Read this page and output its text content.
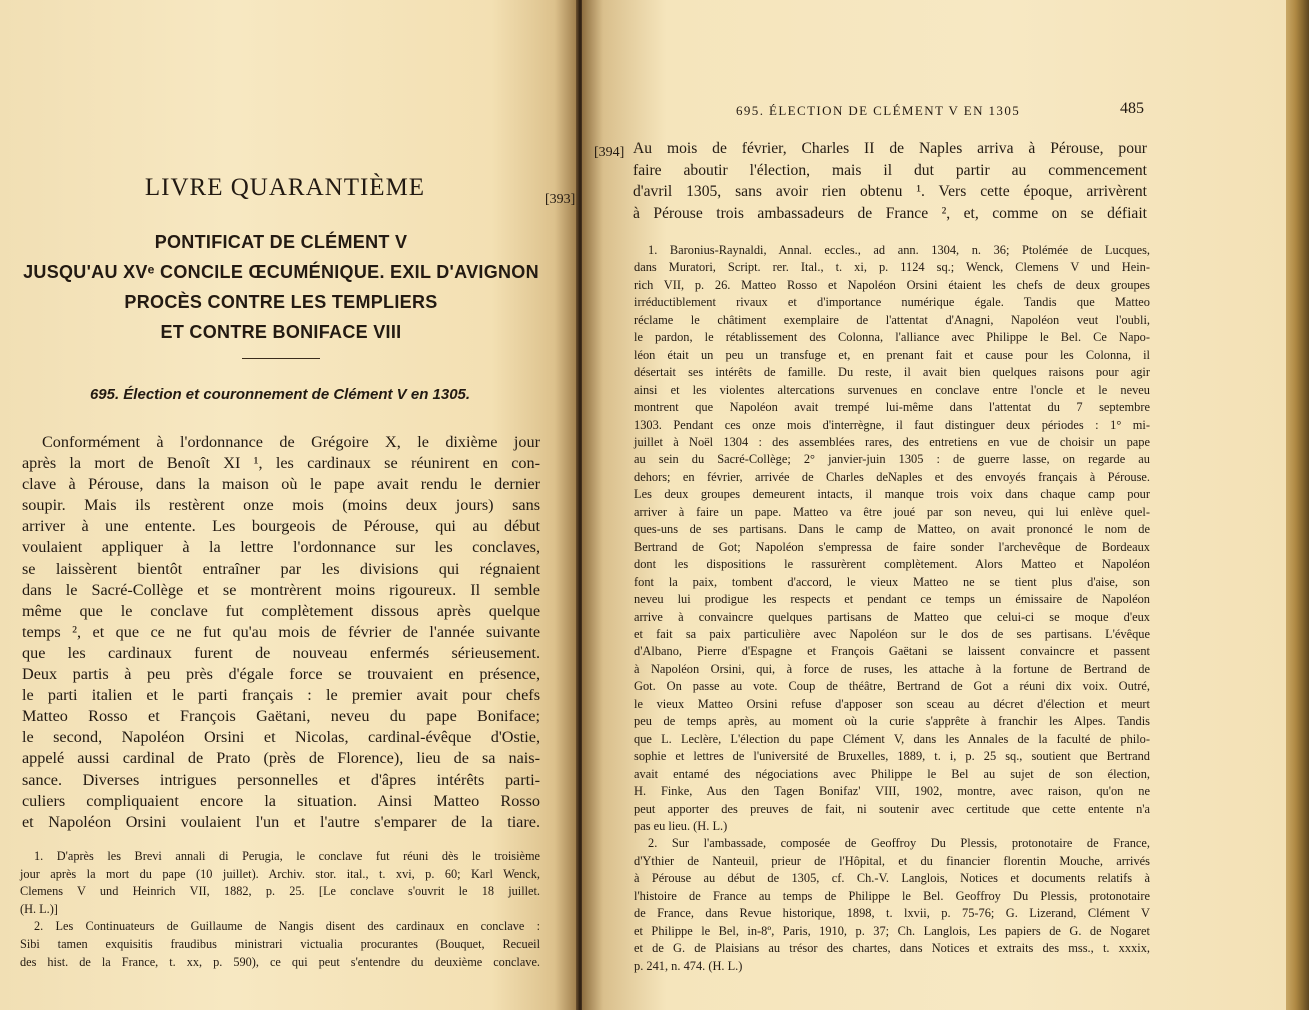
LIVRE QUARANTIÈME	[393]
PONTIFICAT DE CLÉMENT V
JUSQU'AU XVᵉ CONCILE ŒCUMÉNIQUE. EXIL D'AVIGNON
PROCÈS CONTRE LES TEMPLIERS
ET CONTRE BONIFACE VIII
695. Élection et couronnement de Clément V en 1305.
Conformément à l'ordonnance de Grégoire X, le dixième jour
après la mort de Benoît XI ¹, les cardinaux se réunirent en con-
clave à Pérouse, dans la maison où le pape avait rendu le dernier
soupir. Mais ils restèrent onze mois (moins deux jours) sans
arriver à une entente. Les bourgeois de Pérouse, qui au début
voulaient appliquer à la lettre l'ordonnance sur les conclaves,
se laissèrent bientôt entraîner par les divisions qui régnaient
dans le Sacré-Collège et se montrèrent moins rigoureux. Il semble
même que le conclave fut complètement dissous après quelque
temps ², et que ce ne fut qu'au mois de février de l'année suivante
que les cardinaux furent de nouveau enfermés sérieusement.
Deux partis à peu près d'égale force se trouvaient en présence,
le parti italien et le parti français : le premier avait pour chefs
Matteo Rosso et François Gaëtani, neveu du pape Boniface;
le second, Napoléon Orsini et Nicolas, cardinal-évêque d'Ostie,
appelé aussi cardinal de Prato (près de Florence), lieu de sa nais-
sance. Diverses intrigues personnelles et d'âpres intérêts parti-
culiers compliquaient encore la situation. Ainsi Matteo Rosso
et Napoléon Orsini voulaient l'un et l'autre s'emparer de la tiare.
1. D'après les Brevi annali di Perugia, le conclave fut réuni dès le troisième
jour après la mort du pape (10 juillet). Archiv. stor. ital., t. xvi, p. 60; Karl Wenck,
Clemens V und Heinrich VII, 1882, p. 25. [Le conclave s'ouvrit le 18 juillet.
(H. L.)]
2. Les Continuateurs de Guillaume de Nangis disent des cardinaux en conclave :
Sibi tamen exquisitis fraudibus ministrari victualia procurantes (Bouquet, Recueil
des hist. de la France, t. xx, p. 590), ce qui peut s'entendre du deuxième conclave.
695. ÉLECTION DE CLÉMENT V EN 1305	485
[394] Au mois de février, Charles II de Naples arriva à Pérouse, pour
faire aboutir l'élection, mais il dut partir au commencement
d'avril 1305, sans avoir rien obtenu ¹. Vers cette époque, arrivèrent
à Pérouse trois ambassadeurs de France ², et, comme on se défiait
1. Baronius-Raynaldi, Annal. eccles., ad ann. 1304, n. 36; Ptolémée de Lucques,
dans Muratori, Script. rer. Ital., t. xi, p. 1124 sq.; Wenck, Clemens V und Hein-
rich VII, p. 26. Matteo Rosso et Napoléon Orsini étaient les chefs de deux groupes
irréductiblement rivaux et d'importance numérique égale. Tandis que Matteo
réclame le châtiment exemplaire de l'attentat d'Anagni, Napoléon veut l'oubli,
le pardon, le rétablissement des Colonna, l'alliance avec Philippe le Bel. Ce Napo-
léon était un peu un transfuge et, en prenant fait et cause pour les Colonna, il
désertait ses intérêts de famille. Du reste, il avait bien quelques raisons pour agir
ainsi et les violentes altercations survenues en conclave entre l'oncle et le neveu
montrent que Napoléon avait trempé lui-même dans l'attentat du 7 septembre
1303. Pendant ces onze mois d'interrègne, il faut distinguer deux périodes : 1° mi-
juillet à Noël 1304 : des assemblées rares, des entretiens en vue de choisir un pape
au sein du Sacré-Collège; 2° janvier-juin 1305 : de guerre lasse, on regarde au
dehors; en février, arrivée de Charles deNaples et des envoyés français à Pérouse.
Les deux groupes demeurent intacts, il manque trois voix dans chaque camp pour
arriver à faire un pape. Matteo va être joué par son neveu, qui lui enlève quel-
ques-uns de ses partisans. Dans le camp de Matteo, on avait prononcé le nom de
Bertrand de Got; Napoléon s'empressa de faire sonder l'archevêque de Bordeaux
dont les dispositions le rassurèrent complètement. Alors Matteo et Napoléon
font la paix, tombent d'accord, le vieux Matteo ne se tient plus d'aise, son
neveu lui prodigue les respects et pendant ce temps un émissaire de Napoléon
arrive à convaincre quelques partisans de Matteo que celui-ci se moque d'eux
et fait sa paix particulière avec Napoléon sur le dos de ses partisans. L'évêque
d'Albano, Pierre d'Espagne et François Gaëtani se laissent convaincre et passent
à Napoléon Orsini, qui, à force de ruses, les attache à la fortune de Bertrand de
Got. On passe au vote. Coup de théâtre, Bertrand de Got a réuni dix voix. Outré,
le vieux Matteo Orsini refuse d'apposer son sceau au décret d'élection et meurt
peu de temps après, au moment où la curie s'apprête à franchir les Alpes. Tandis
que L. Leclère, L'élection du pape Clément V, dans les Annales de la faculté de philo-
sophie et lettres de l'université de Bruxelles, 1889, t. i, p. 25 sq., soutient que Bertrand
avait entamé des négociations avec Philippe le Bel au sujet de son élection,
H. Finke, Aus den Tagen Bonifaz' VIII, 1902, montre, avec raison, qu'on ne
peut apporter des preuves de fait, ni soutenir avec certitude que cette entente n'a
pas eu lieu. (H. L.)
2. Sur l'ambassade, composée de Geoffroy Du Plessis, protonotaire de France,
d'Ythier de Nanteuil, prieur de l'Hôpital, et du financier florentin Mouche, arrivés
à Pérouse au début de 1305, cf. Ch.-V. Langlois, Notices et documents relatifs à
l'histoire de France au temps de Philippe le Bel. Geoffroy Du Plessis, protonotaire
de France, dans Revue historique, 1898, t. lxvii, p. 75-76; G. Lizerand, Clément V
et Philippe le Bel, in-8º, Paris, 1910, p. 37; Ch. Langlois, Les papiers de G. de Nogaret
et de G. de Plaisians au trésor des chartes, dans Notices et extraits des mss., t. xxxix,
p. 241, n. 474. (H. L.)
